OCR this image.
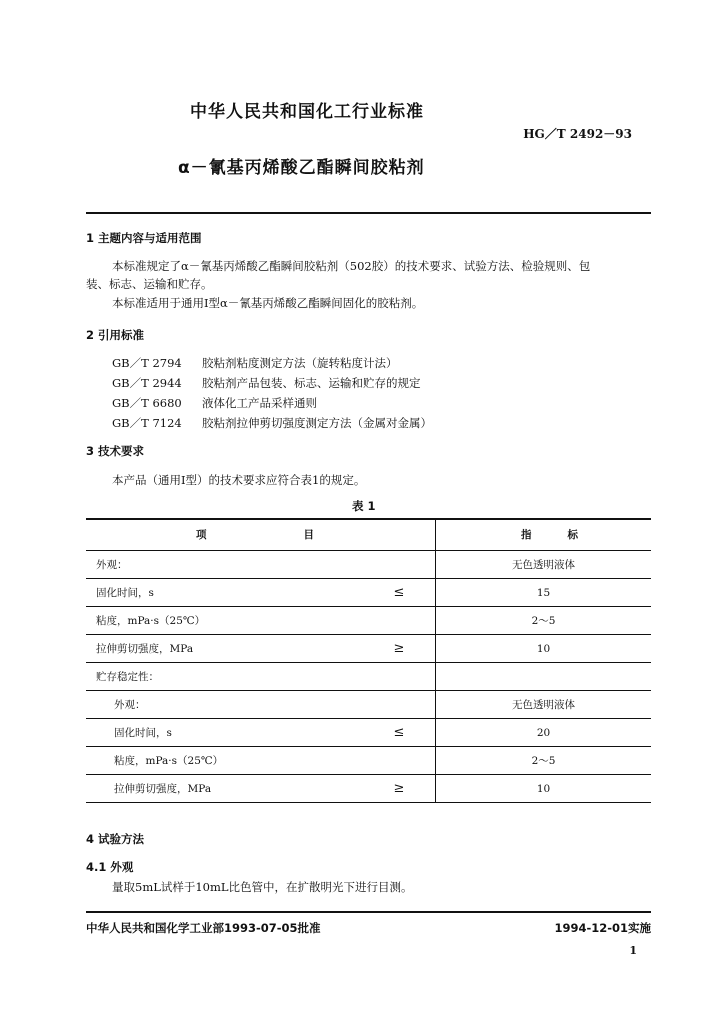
中华人民共和国化工行业标准
HG／T 2492－93
α－氰基丙烯酸乙酯瞬间胶粘剂
1 主题内容与适用范围
本标准规定了α－氰基丙烯酸乙酯瞬间胶粘剂（502胶）的技术要求、试验方法、检验规则、包
装、标志、运输和贮存。
本标准适用于通用Ⅰ型α－氰基丙烯酸乙酯瞬间固化的胶粘剂。
2 引用标准
GB／T 2794	胶粘剂粘度测定方法（旋转粘度计法）
GB／T 2944	胶粘剂产品包装、标志、运输和贮存的规定
GB／T 6680	液体化工产品采样通则
GB／T 7124	胶粘剂拉伸剪切强度测定方法（金属对金属）
3 技术要求
本产品（通用Ⅰ型）的技术要求应符合表1的规定。
表 1
项 目		指 标

外观：		无色透明液体
固化时间，s	≤	15
粘度，mPa·s（25℃）		2～5
拉伸剪切强度，MPa	≥	10
贮存稳定性：		
外观：		无色透明液体
固化时间，s	≤	20
粘度，mPa·s（25℃）		2～5
拉伸剪切强度，MPa	≥	10
4 试验方法
4.1 外观
量取5mL试样于10mL比色管中，在扩散明光下进行目测。
中华人民共和国化学工业部1993-07-05批准	1994-12-01实施
1
